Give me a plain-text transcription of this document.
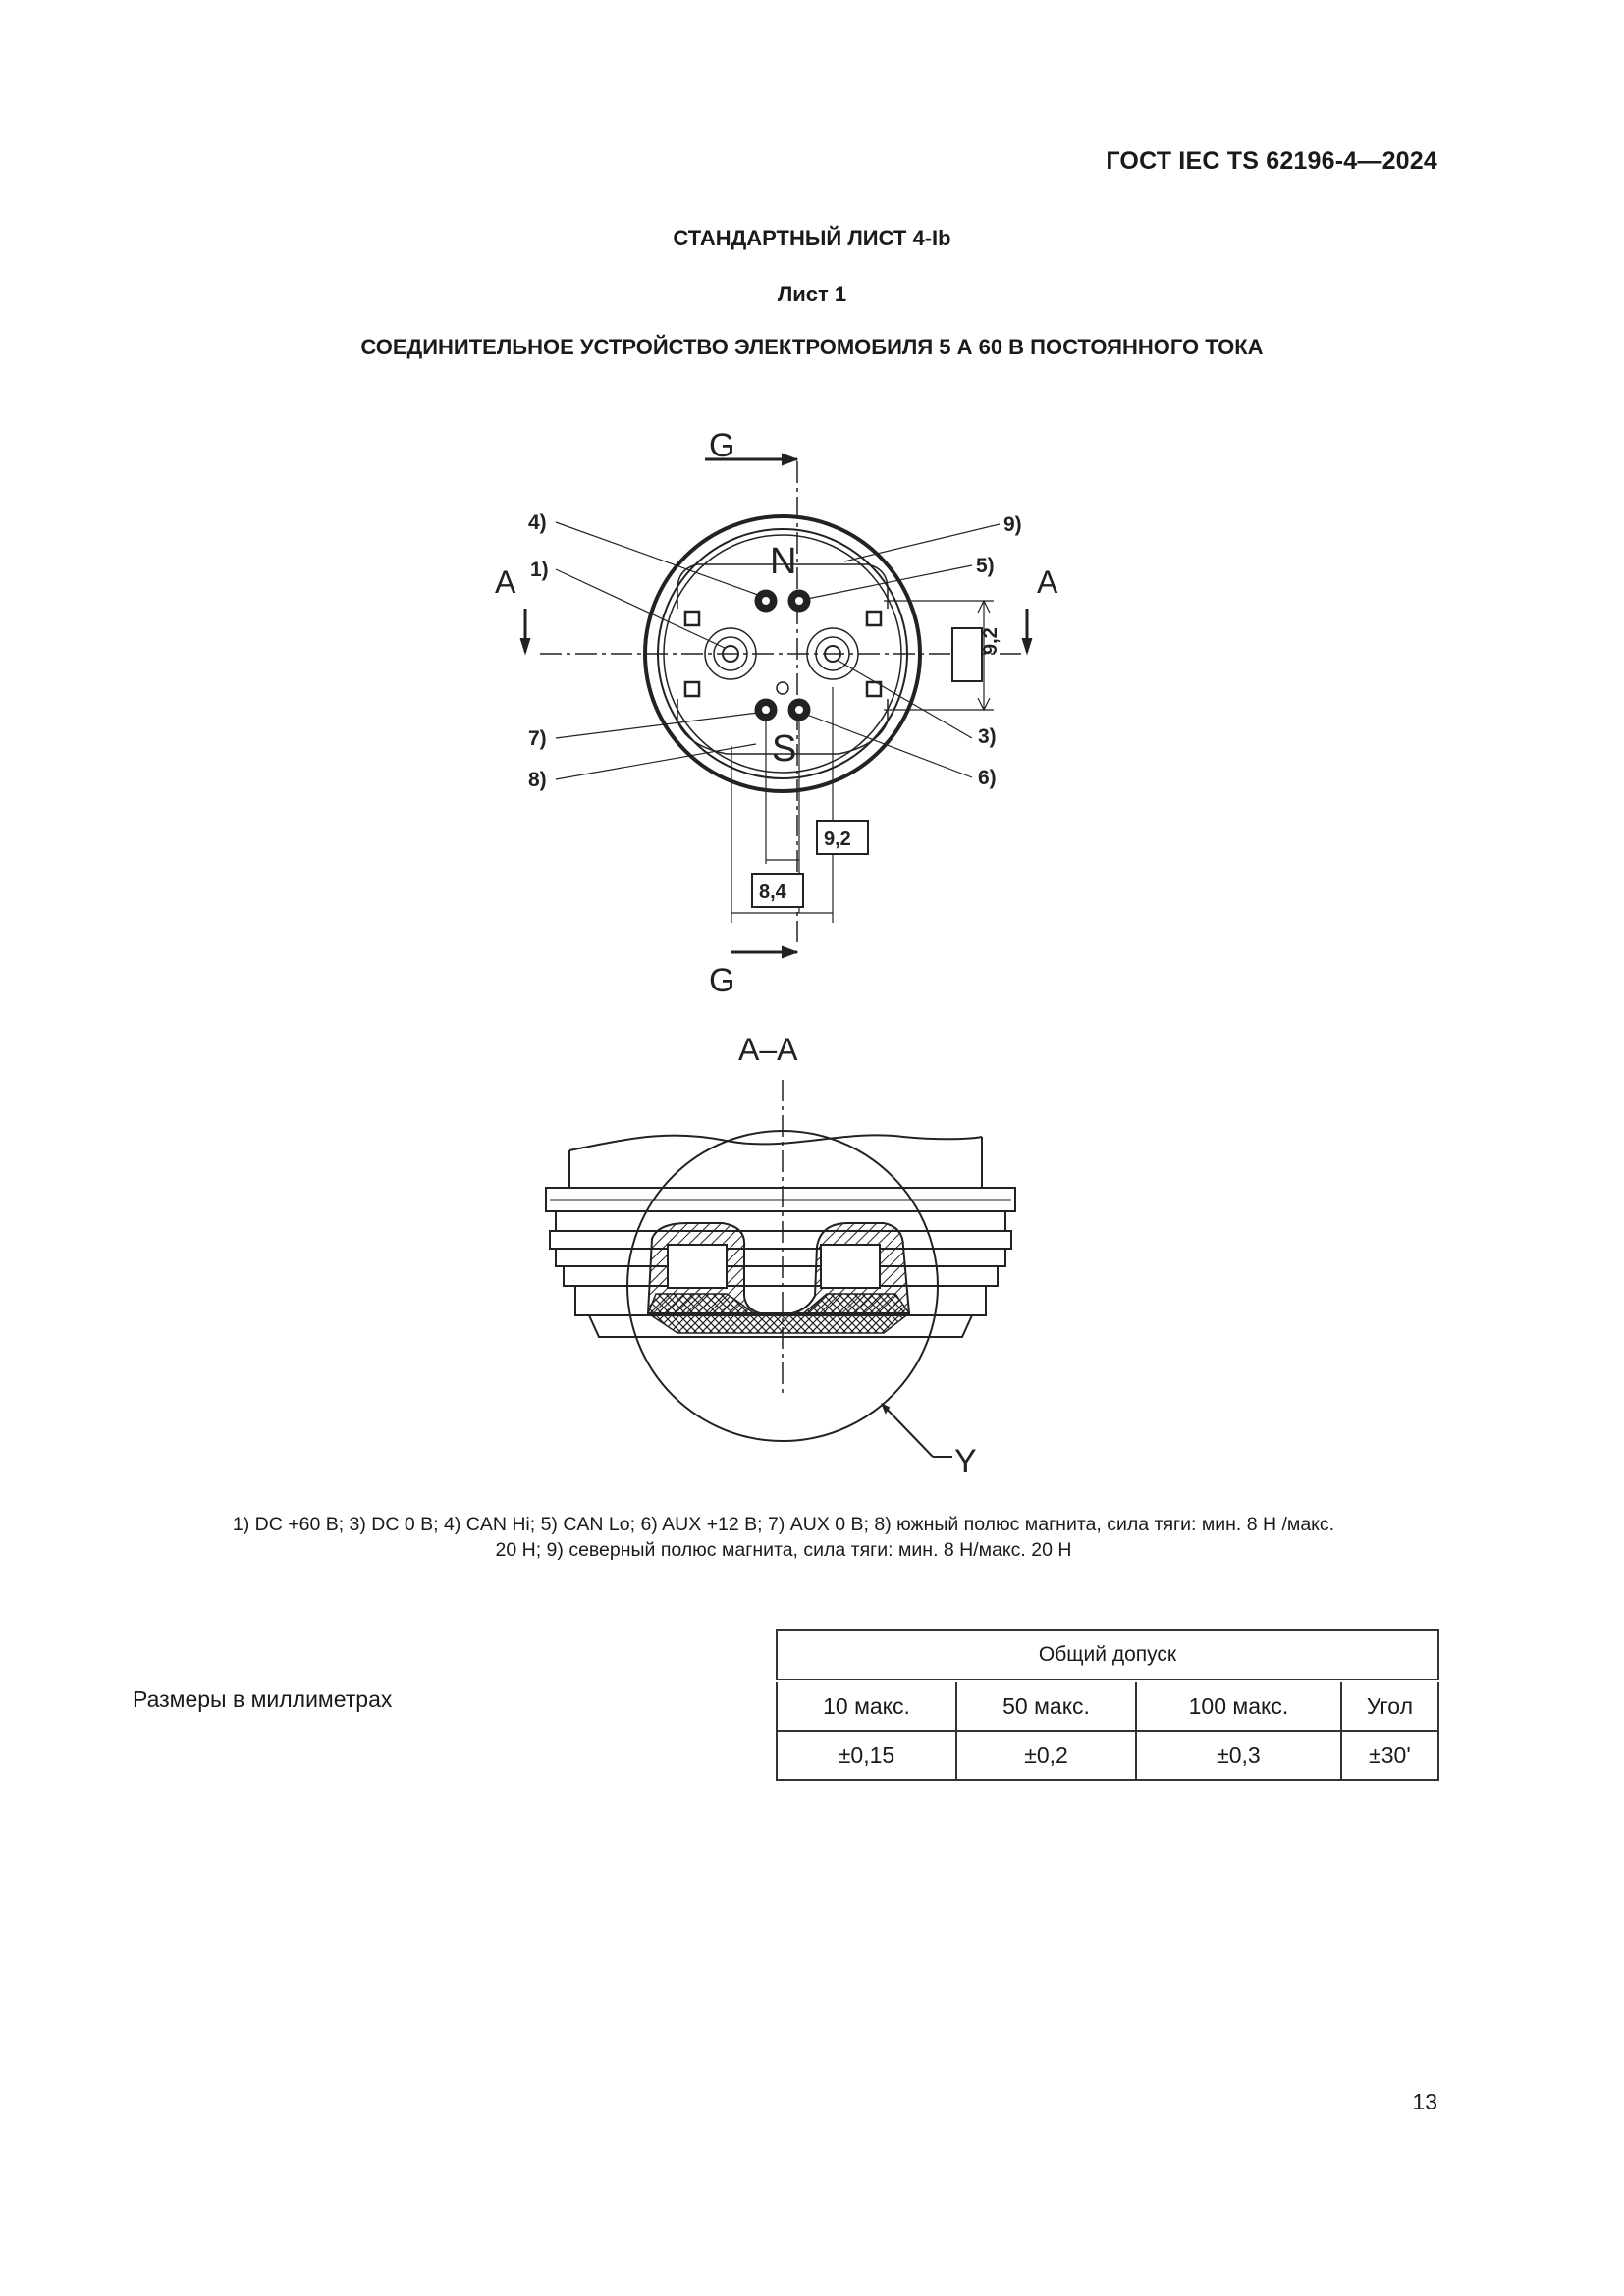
ГОСТ IEC TS 62196-4—2024
СТАНДАРТНЫЙ ЛИСТ 4-Ib
Лист 1
СОЕДИНИТЕЛЬНОЕ УСТРОЙСТВО ЭЛЕКТРОМОБИЛЯ 5 А 60 В ПОСТОЯННОГО ТОКА
G
G
A	A
N
S
1)
3)
4)
5)
6)
7)
8)
9)
9,2
9,2
8,4
A–A
Y
1) DC +60 В; 3) DC 0 В; 4) CAN Hi; 5) CAN Lo; 6) AUX +12 В; 7) AUX 0 В; 8) южный полюс магнита, сила тяги: мин. 8 Н /макс.
20 Н; 9) северный полюс магнита, сила тяги: мин. 8 Н/макс. 20 Н
Размеры в миллиметрах
Общий допуск			
10 макс.	50 макс.	100 макс.	Угол
±0,15	±0,2	±0,3	±30'
13
